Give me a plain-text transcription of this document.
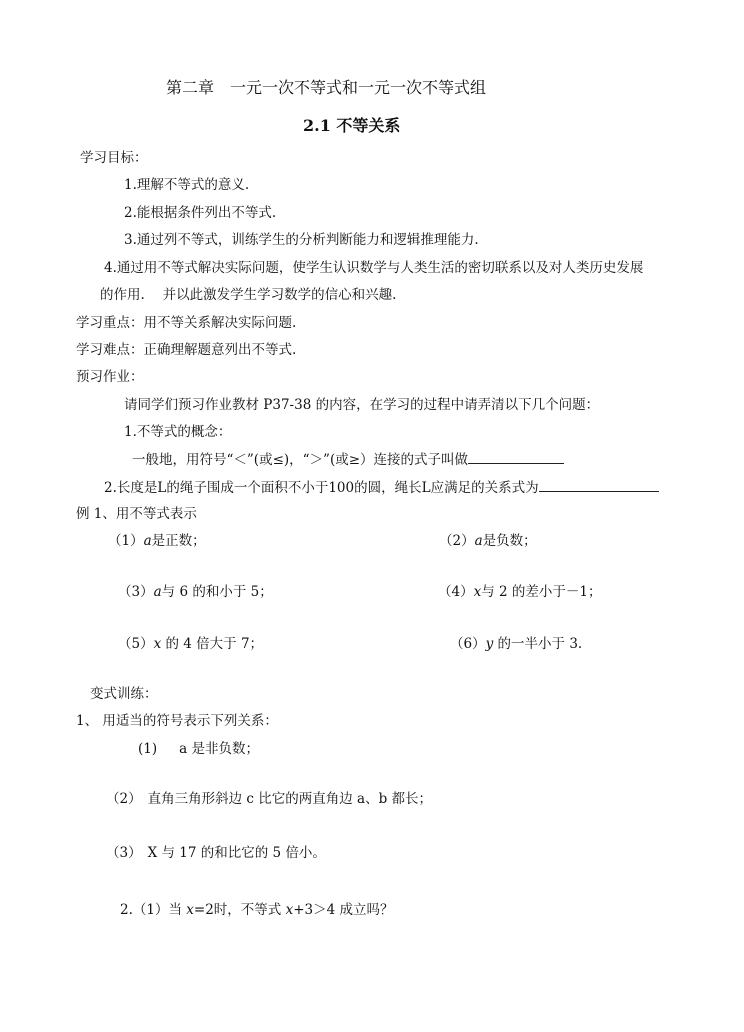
第二章　一元一次不等式和一元一次不等式组
2.1 不等关系
学习目标：
1.理解不等式的意义.
2.能根据条件列出不等式.
3.通过列不等式，训练学生的分析判断能力和逻辑推理能力.
4.通过用不等式解决实际问题，使学生认识数学与人类生活的密切联系以及对人类历史发展
的作用.　 并以此激发学生学习数学的信心和兴趣.
学习重点：用不等关系解决实际问题.
学习难点：正确理解题意列出不等式.
预习作业：
请同学们预习作业教材 P37-38 的内容，在学习的过程中请弄清以下几个问题：
1.不等式的概念：
一般地，用符号“＜”(或≤)，“＞”(或≥）连接的式子叫做
2.长度是L的绳子围成一个面积不小于100的圆，绳长L应满足的关系式为
例 1、用不等式表示
（1）a是正数；	（2）a是负数；
（3）a与 6 的和小于 5；	（4）x与 2 的差小于－1；
（5）x 的 4 倍大于 7；	（6）y 的一半小于 3.
变式训练：
1、 用适当的符号表示下列关系：
(1) a 是非负数；
（2） 直角三角形斜边 c 比它的两直角边 a、b 都长；
（3） X 与 17 的和比它的 5 倍小。
2.（1）当 x=2时，不等式 x+3＞4 成立吗？
